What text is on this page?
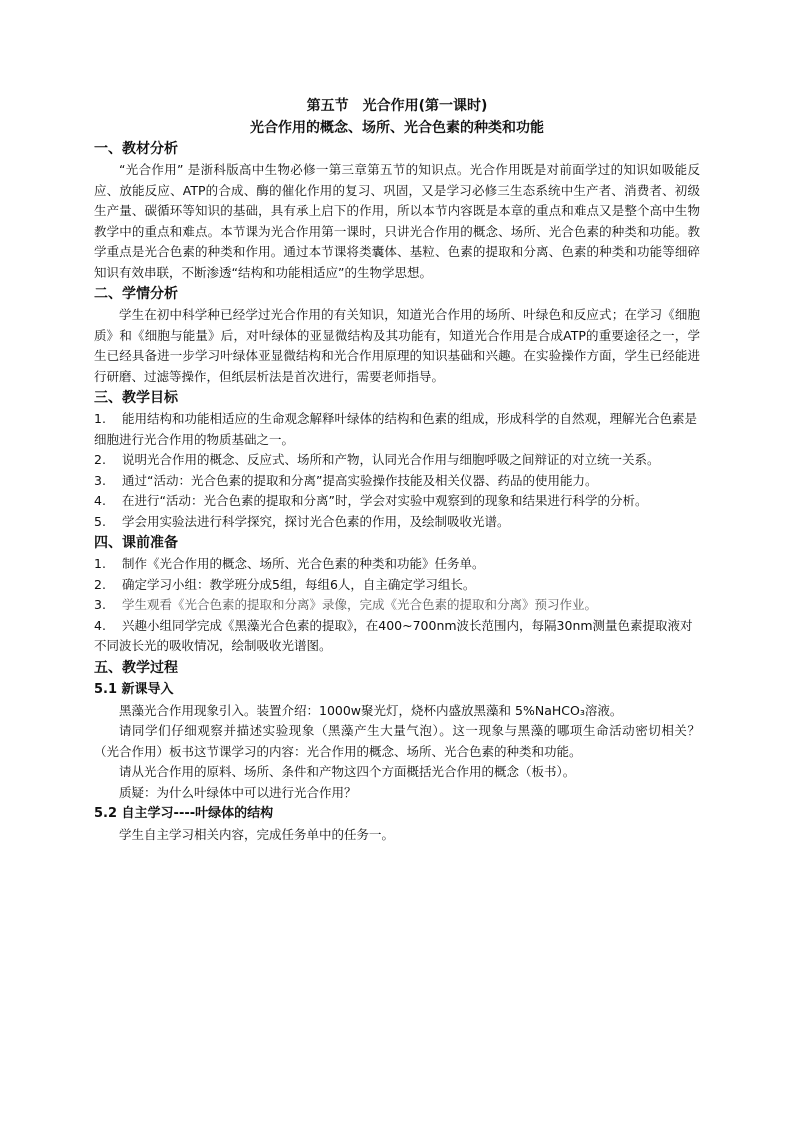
第五节　光合作用(第一课时)
光合作用的概念、场所、光合色素的种类和功能
一、教材分析

“光合作用” 是浙科版高中生物必修一第三章第五节的知识点。光合作用既是对前面学过的知识如吸能反应、放能反应、ATP的合成、酶的催化作用的复习、巩固，又是学习必修三生态系统中生产者、消费者、初级生产量、碳循环等知识的基础，具有承上启下的作用，所以本节内容既是本章的重点和难点又是整个高中生物教学中的重点和难点。本节课为光合作用第一课时，只讲光合作用的概念、场所、光合色素的种类和功能。教学重点是光合色素的种类和作用。通过本节课将类囊体、基粒、色素的提取和分离、色素的种类和功能等细碎知识有效串联，不断渗透“结构和功能相适应”的生物学思想。

二、学情分析

学生在初中科学种已经学过光合作用的有关知识，知道光合作用的场所、叶绿色和反应式；在学习《细胞质》和《细胞与能量》后，对叶绿体的亚显微结构及其功能有，知道光合作用是合成ATP的重要途径之一，学生已经具备进一步学习叶绿体亚显微结构和光合作用原理的知识基础和兴趣。在实验操作方面，学生已经能进行研磨、过滤等操作，但纸层析法是首次进行，需要老师指导。

三、教学目标
1. 能用结构和功能相适应的生命观念解释叶绿体的结构和色素的组成，形成科学的自然观，理解光合色素是细胞进行光合作用的物质基础之一。
2. 说明光合作用的概念、反应式、场所和产物，认同光合作用与细胞呼吸之间辩证的对立统一关系。
3. 通过“活动：光合色素的提取和分离”提高实验操作技能及相关仪器、药品的使用能力。
4. 在进行“活动：光合色素的提取和分离”时，学会对实验中观察到的现象和结果进行科学的分析。
5. 学会用实验法进行科学探究，探讨光合色素的作用，及绘制吸收光谱。
四、课前准备
1. 制作《光合作用的概念、场所、光合色素的种类和功能》任务单。
2. 确定学习小组：教学班分成5组，每组6人，自主确定学习组长。
3. 学生观看《光合色素的提取和分离》录像，完成《光合色素的提取和分离》预习作业。
4. 兴趣小组同学完成《黑藻光合色素的提取》，在400~700nm波长范围内，每隔30nm测量色素提取液对不同波长光的吸收情况，绘制吸收光谱图。
五、教学过程
5.1 新课导入

黑藻光合作用现象引入。装置介绍：1000w聚光灯，烧杯内盛放黑藻和 5%NaHCO₃溶液。

请同学们仔细观察并描述实验现象（黑藻产生大量气泡）。这一现象与黑藻的哪项生命活动密切相关？（光合作用）板书这节课学习的内容：光合作用的概念、场所、光合色素的种类和功能。

请从光合作用的原料、场所、条件和产物这四个方面概括光合作用的概念（板书）。

质疑：为什么叶绿体中可以进行光合作用？

5.2 自主学习----叶绿体的结构

学生自主学习相关内容，完成任务单中的任务一。
